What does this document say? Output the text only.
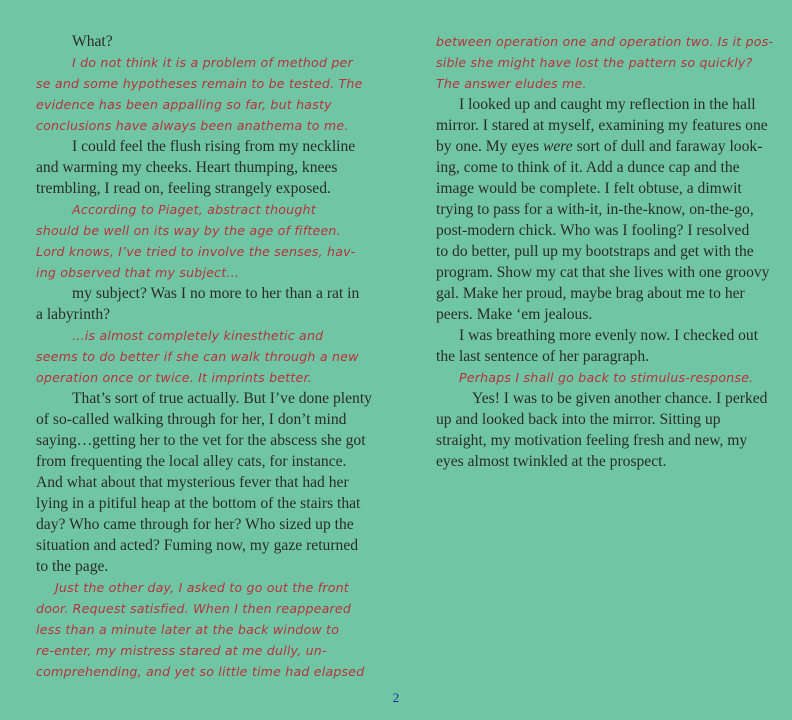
What?
I do not think it is a problem of method per
se and some hypotheses remain to be tested. The
evidence has been appalling so far, but hasty
conclusions have always been anathema to me.
I could feel the flush rising from my neckline
and warming my cheeks. Heart thumping, knees
trembling, I read on, feeling strangely exposed.
According to Piaget, abstract thought
should be well on its way by the age of fifteen.
Lord knows, I’ve tried to involve the senses, hav-
ing observed that my subject…
my subject? Was I no more to her than a rat in
a labyrinth?
…is almost completely kinesthetic and
seems to do better if she can walk through a new
operation once or twice. It imprints better.
That’s sort of true actually. But I’ve done plenty
of so-called walking through for her, I don’t mind
saying…getting her to the vet for the abscess she got
from frequenting the local alley cats, for instance.
And what about that mysterious fever that had her
lying in a pitiful heap at the bottom of the stairs that
day? Who came through for her? Who sized up the
situation and acted? Fuming now, my gaze returned
to the page.
Just the other day, I asked to go out the front
door. Request satisfied. When I then reappeared
less than a minute later at the back window to
re-enter, my mistress stared at me dully, un-
comprehending, and yet so little time had elapsed
between operation one and operation two. Is it pos-
sible she might have lost the pattern so quickly?
The answer eludes me.
I looked up and caught my reflection in the hall
mirror. I stared at myself, examining my features one
by one. My eyes were sort of dull and faraway look-
ing, come to think of it. Add a dunce cap and the
image would be complete. I felt obtuse, a dimwit
trying to pass for a with-it, in-the-know, on-the-go,
post-modern chick. Who was I fooling? I resolved
to do better, pull up my bootstraps and get with the
program. Show my cat that she lives with one groovy
gal. Make her proud, maybe brag about me to her
peers. Make ‘em jealous.
I was breathing more evenly now. I checked out
the last sentence of her paragraph.
Perhaps I shall go back to stimulus-response.
Yes! I was to be given another chance. I perked
up and looked back into the mirror. Sitting up
straight, my motivation feeling fresh and new, my
eyes almost twinkled at the prospect.
2
